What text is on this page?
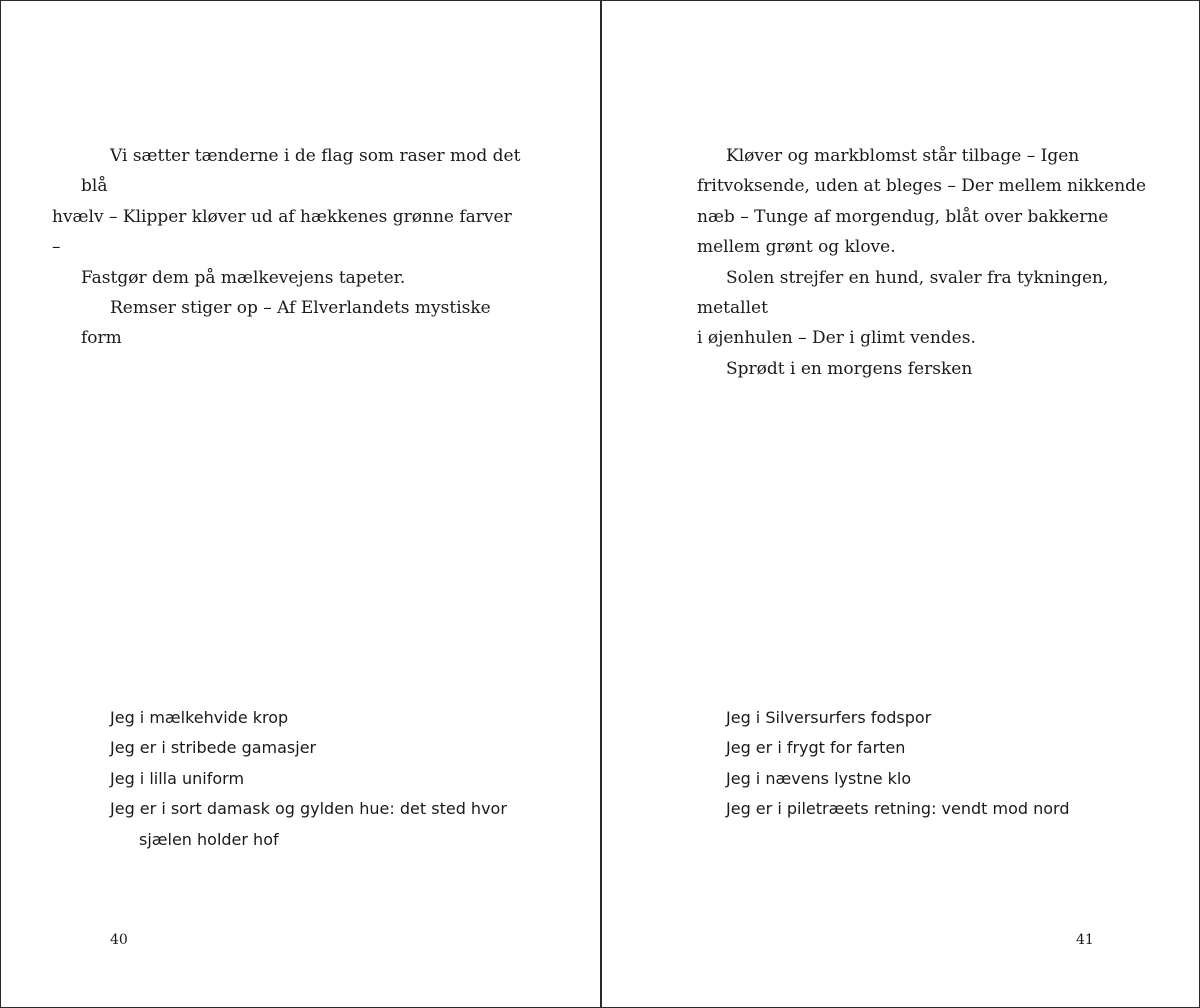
Vi sætter tænderne i de flag som raser mod det blå
hvælv – Klipper kløver ud af hækkenes grønne farver –
Fastgør dem på mælkevejens tapeter.

Remser stiger op – Af Elverlandets mystiske form

Jeg i mælkehvide krop
Jeg er i stribede gamasjer
Jeg i lilla uniform
Jeg er i sort damask og gylden hue: det sted hvor
sjælen holder hof
40

Kløver og markblomst står tilbage – Igen
fritvoksende, uden at bleges – Der mellem nikkende
næb – Tunge af morgendug, blåt over bakkerne
mellem grønt og klove.

Solen strejfer en hund, svaler fra tykningen, metallet
i øjenhulen – Der i glimt vendes.

Sprødt i en morgens fersken

Jeg i Silversurfers fodspor
Jeg er i frygt for farten
Jeg i nævens lystne klo
Jeg er i piletræets retning: vendt mod nord
41
